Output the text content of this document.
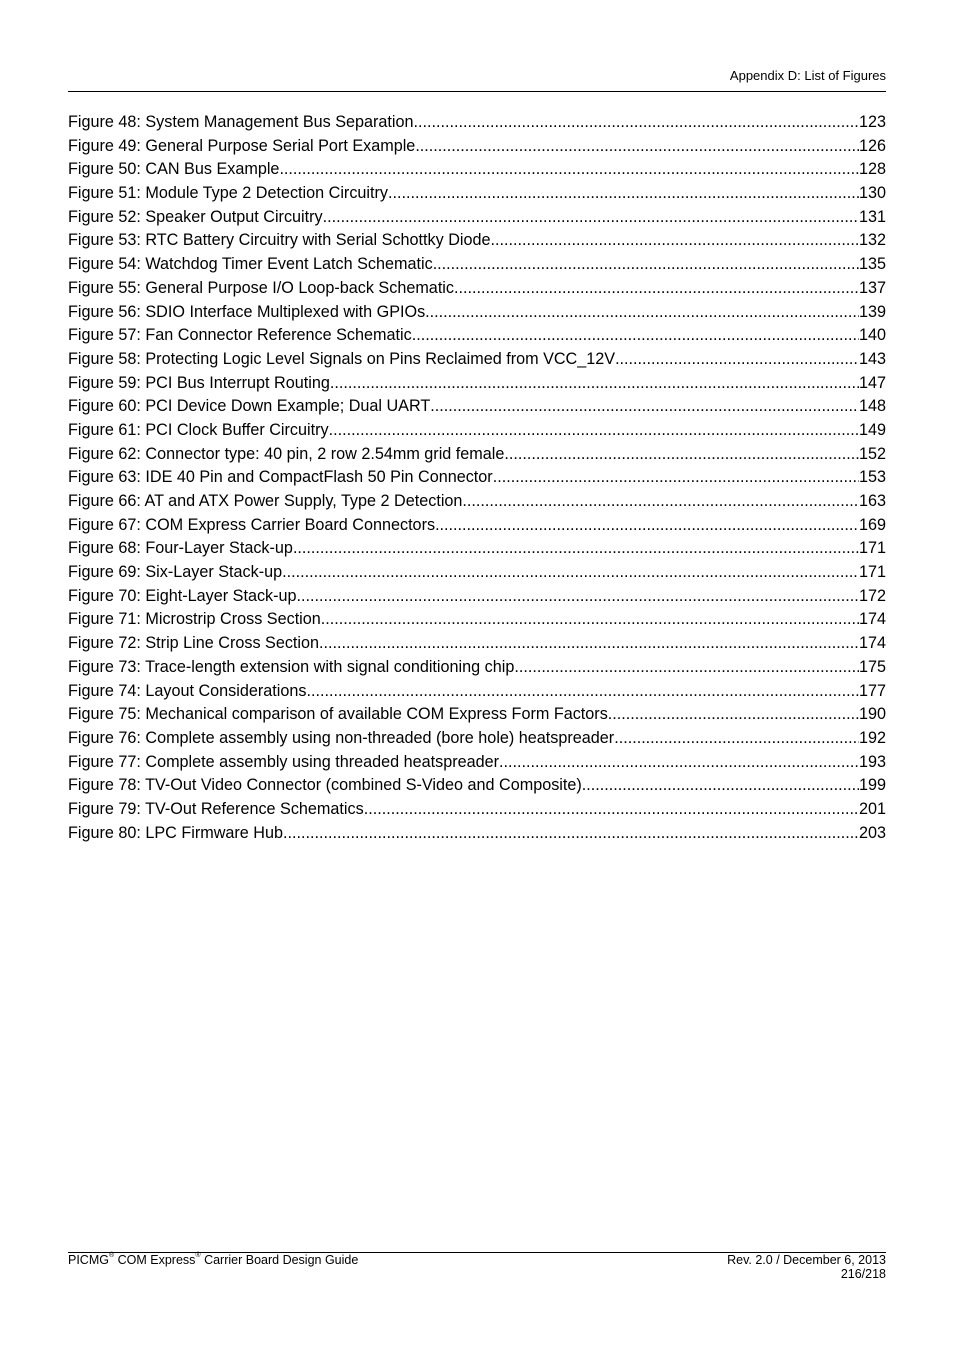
Appendix D: List of Figures
Figure 48: System Management Bus Separation .....	123
Figure 49: General Purpose Serial Port Example .....	126
Figure 50: CAN Bus Example .....	128
Figure 51: Module Type 2 Detection Circuitry .....	130
Figure 52: Speaker Output Circuitry .....	131
Figure 53: RTC Battery Circuitry with Serial Schottky Diode .....	132
Figure 54: Watchdog Timer Event Latch Schematic .....	135
Figure 55: General Purpose I/O Loop-back Schematic .....	137
Figure 56: SDIO Interface Multiplexed with GPIOs .....	139
Figure 57: Fan Connector Reference Schematic .....	140
Figure 58: Protecting Logic Level Signals on Pins Reclaimed from VCC_12V .....	143
Figure 59: PCI Bus Interrupt Routing .....	147
Figure 60: PCI Device Down Example; Dual UART .....	148
Figure 61: PCI Clock Buffer Circuitry .....	149
Figure 62: Connector type: 40 pin, 2 row 2.54mm grid female .....	152
Figure 63: IDE 40 Pin and CompactFlash 50 Pin Connector .....	153
Figure 66: AT and ATX Power Supply, Type 2 Detection .....	163
Figure 67: COM Express Carrier Board Connectors .....	169
Figure 68: Four-Layer Stack-up .....	171
Figure 69: Six-Layer Stack-up .....	171
Figure 70: Eight-Layer Stack-up .....	172
Figure 71: Microstrip Cross Section .....	174
Figure 72: Strip Line Cross Section .....	174
Figure 73: Trace-length extension with signal conditioning chip .....	175
Figure 74: Layout Considerations .....	177
Figure 75: Mechanical comparison of available COM Express Form Factors .....	190
Figure 76: Complete assembly using non-threaded (bore hole) heatspreader .....	192
Figure 77: Complete assembly using threaded heatspreader .....	193
Figure 78: TV-Out Video Connector (combined S-Video and Composite) .....	199
Figure 79: TV-Out Reference Schematics .....	201
Figure 80: LPC Firmware Hub .....	203
PICMG® COM Express® Carrier Board Design Guide	Rev. 2.0 / December 6, 2013
216/218
